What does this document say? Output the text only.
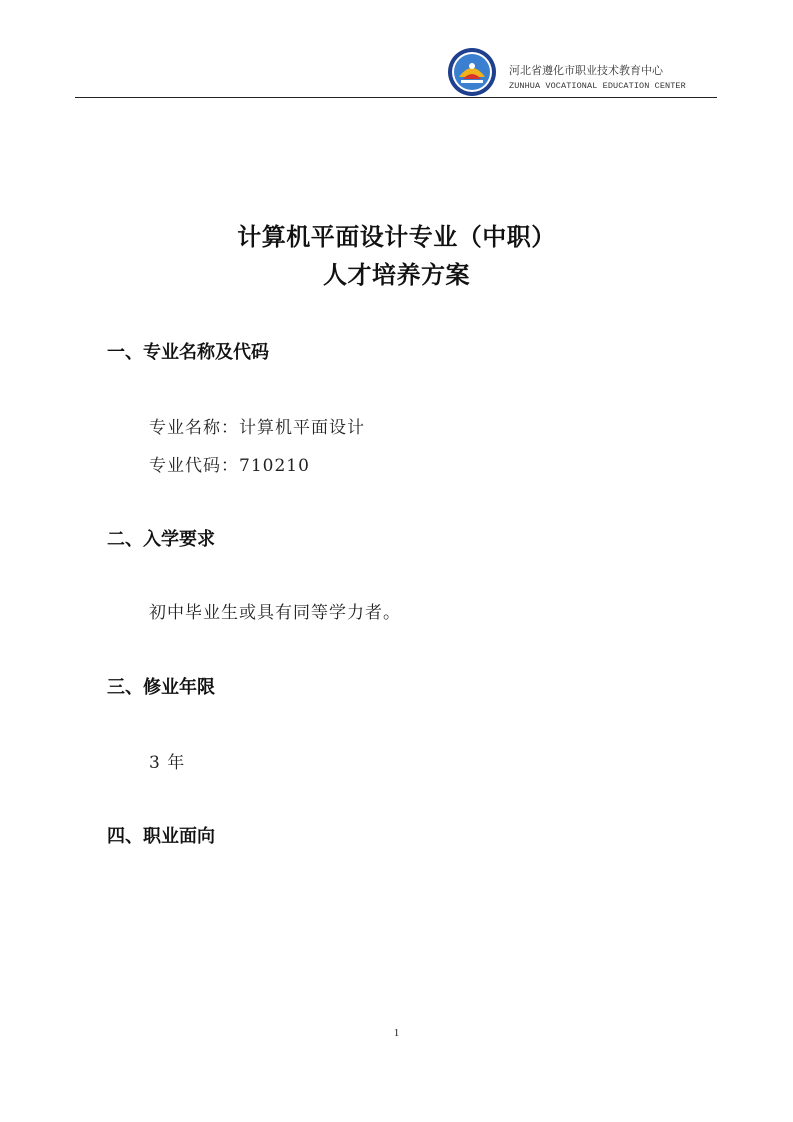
河北省遵化市职业技术教育中心
ZUNHUA VOCATIONAL EDUCATION CENTER
计算机平面设计专业（中职）
人才培养方案
一、专业名称及代码
专业名称：计算机平面设计
专业代码：710210
二、入学要求
初中毕业生或具有同等学力者。
三、修业年限
3 年
四、职业面向
1
